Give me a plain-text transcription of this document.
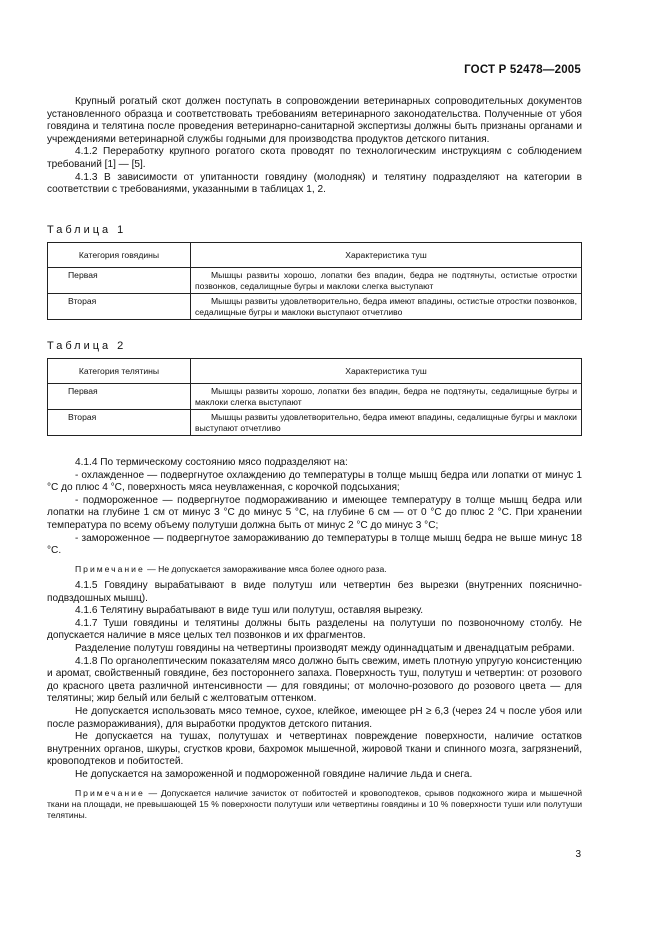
ГОСТ Р 52478—2005

Крупный рогатый скот должен поступать в сопровождении ветеринарных сопроводительных документов установленного образца и соответствовать требованиям ветеринарного законодательства. Полученные от убоя говядина и телятина после проведения ветеринарно-санитарной экспертизы должны быть признаны органами и учреждениями ветеринарной службы годными для производства продуктов детского питания.

4.1.2 Переработку крупного рогатого скота проводят по технологическим инструкциям с соблюдением требований [1] — [5].

4.1.3 В зависимости от упитанности говядину (молодняк) и телятину подразделяют на категории в соответствии с требованиями, указанными в таблицах 1, 2.

Таблица 1

Категория говядины	Характеристика туш
Первая	Мышцы развиты хорошо, лопатки без впадин, бедра не подтянуты, остистые отростки позвонков, седалищные бугры и маклоки слегка выступают
Вторая	Мышцы развиты удовлетворительно, бедра имеют впадины, остистые отростки позвонков, седалищные бугры и маклоки выступают отчетливо

Таблица 2

Категория телятины	Характеристика туш
Первая	Мышцы развиты хорошо, лопатки без впадин, бедра не подтянуты, седалищные бугры и маклоки слегка выступают
Вторая	Мышцы развиты удовлетворительно, бедра имеют впадины, седалищные бугры и маклоки выступают отчетливо

4.1.4 По термическому состоянию мясо подразделяют на:

- охлажденное — подвергнутое охлаждению до температуры в толще мышц бедра или лопатки от минус 1 °С до плюс 4 °С, поверхность мяса неувлаженная, с корочкой подсыхания;

- подмороженное — подвергнутое подмораживанию и имеющее температуру в толще мышц бедра или лопатки на глубине 1 см от минус 3 °С до минус 5 °С, на глубине 6 см — от 0 °С до плюс 2 °С. При хранении температура по всему объему полутуши должна быть от минус 2 °С до минус 3 °С;

- замороженное — подвергнутое замораживанию до температуры в толще мышц бедра не выше минус 18 °С.

Примечание — Не допускается замораживание мяса более одного раза.

4.1.5 Говядину вырабатывают в виде полутуш или четвертин без вырезки (внутренних пояснично-подвздошных мышц).

4.1.6 Телятину вырабатывают в виде туш или полутуш, оставляя вырезку.

4.1.7 Туши говядины и телятины должны быть разделены на полутуши по позвоночному столбу. Не допускается наличие в мясе целых тел позвонков и их фрагментов.

Разделение полутуш говядины на четвертины производят между одиннадцатым и двенадцатым ребрами.

4.1.8 По органолептическим показателям мясо должно быть свежим, иметь плотную упругую консистенцию и аромат, свойственный говядине, без постороннего запаха. Поверхность туш, полутуш и четвертин: от розового до красного цвета различной интенсивности — для говядины; от молочно-розового до розового цвета — для телятины; жир белый или белый с желтоватым оттенком.

Не допускается использовать мясо темное, сухое, клейкое, имеющее pH ≥ 6,3 (через 24 ч после убоя или после размораживания), для выработки продуктов детского питания.

Не допускается на тушах, полутушах и четвертинах повреждение поверхности, наличие остатков внутренних органов, шкуры, сгустков крови, бахромок мышечной, жировой ткани и спинного мозга, загрязнений, кровоподтеков и побитостей.

Не допускается на замороженной и подмороженной говядине наличие льда и снега.

Примечание — Допускается наличие зачисток от побитостей и кровоподтеков, срывов подкожного жира и мышечной ткани на площади, не превышающей 15 % поверхности полутуши или четвертины говядины и 10 % поверхности туши или полутуши телятины.

3
